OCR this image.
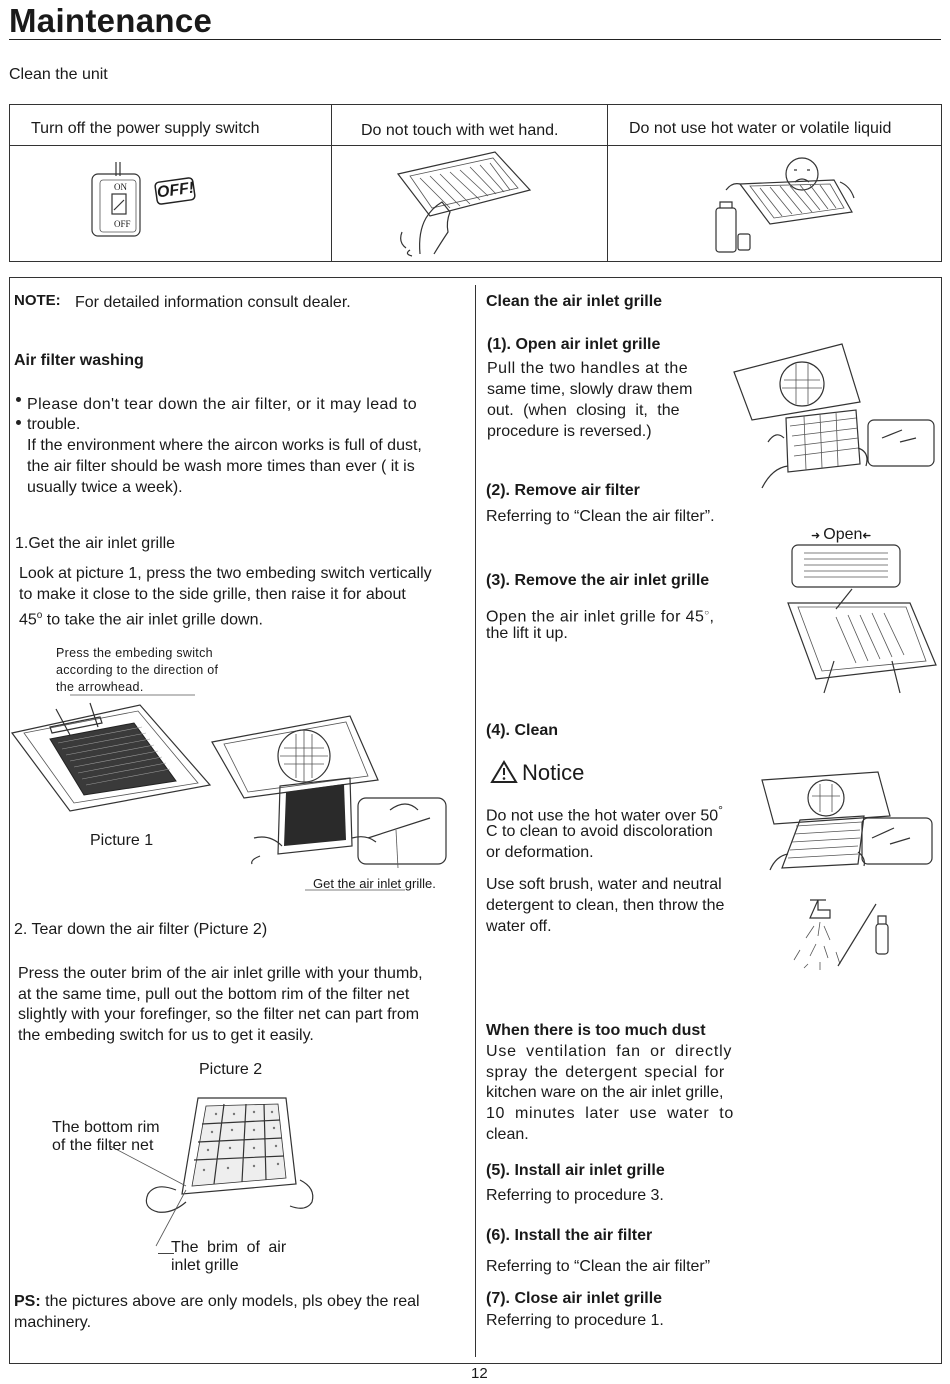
Maintenance
Clean the unit
Turn off the power supply switch	Do not touch with wet hand.	Do not use hot water or volatile liquid
ON
OFF
OFF!
NOTE: For detailed information consult dealer.
Air filter washing
Please don't tear down the air filter, or it may lead to
trouble.
If the environment where the aircon works is full of dust,
the air filter should be wash more times than ever ( it is
usually twice a week).
1.Get the air inlet grille
Look at picture 1, press the two embeding switch vertically
to make it close to the side grille, then raise it for about
45$^o$ to take the air inlet grille down.
Press the embeding switch
according to the direction of
the arrowhead.
Picture 1
Get the air inlet grille.
2. Tear down the air filter (Picture 2)
Press the outer brim of the air inlet grille with your thumb,
at the same time, pull out the bottom rim of the filter net
slightly with your forefinger, so the filter net can part from
the embeding switch for us to get it easily.
Picture 2
The bottom rim
of the filter net
The brim of air
inlet grille
PS: the pictures above are only models, pls obey the real
machinery.
Clean the air inlet grille
(1). Open air inlet grille
Pull the two handles at the
same time, slowly draw them
out. (when closing it, the
procedure is reversed.)
(2). Remove air filter
Referring to “Clean the air filter”.
➜ Open➜
(3). Remove the air inlet grille
Open the air inlet grille for 45○,
the lift it up.
(4). Clean
Notice
Do not use the hot water over 50°
C to clean to avoid discoloration
or deformation.
Use soft brush, water and neutral
detergent to clean, then throw the
water off.
When there is too much dust
Use ventilation fan or directly
spray the detergent special for
kitchen ware on the air inlet grille,
10 minutes later use water to
clean.
(5). Install air inlet grille
Referring to procedure 3.
(6). Install the air filter
Referring to “Clean the air filter”
(7). Close air inlet grille
Referring to procedure 1.
12
